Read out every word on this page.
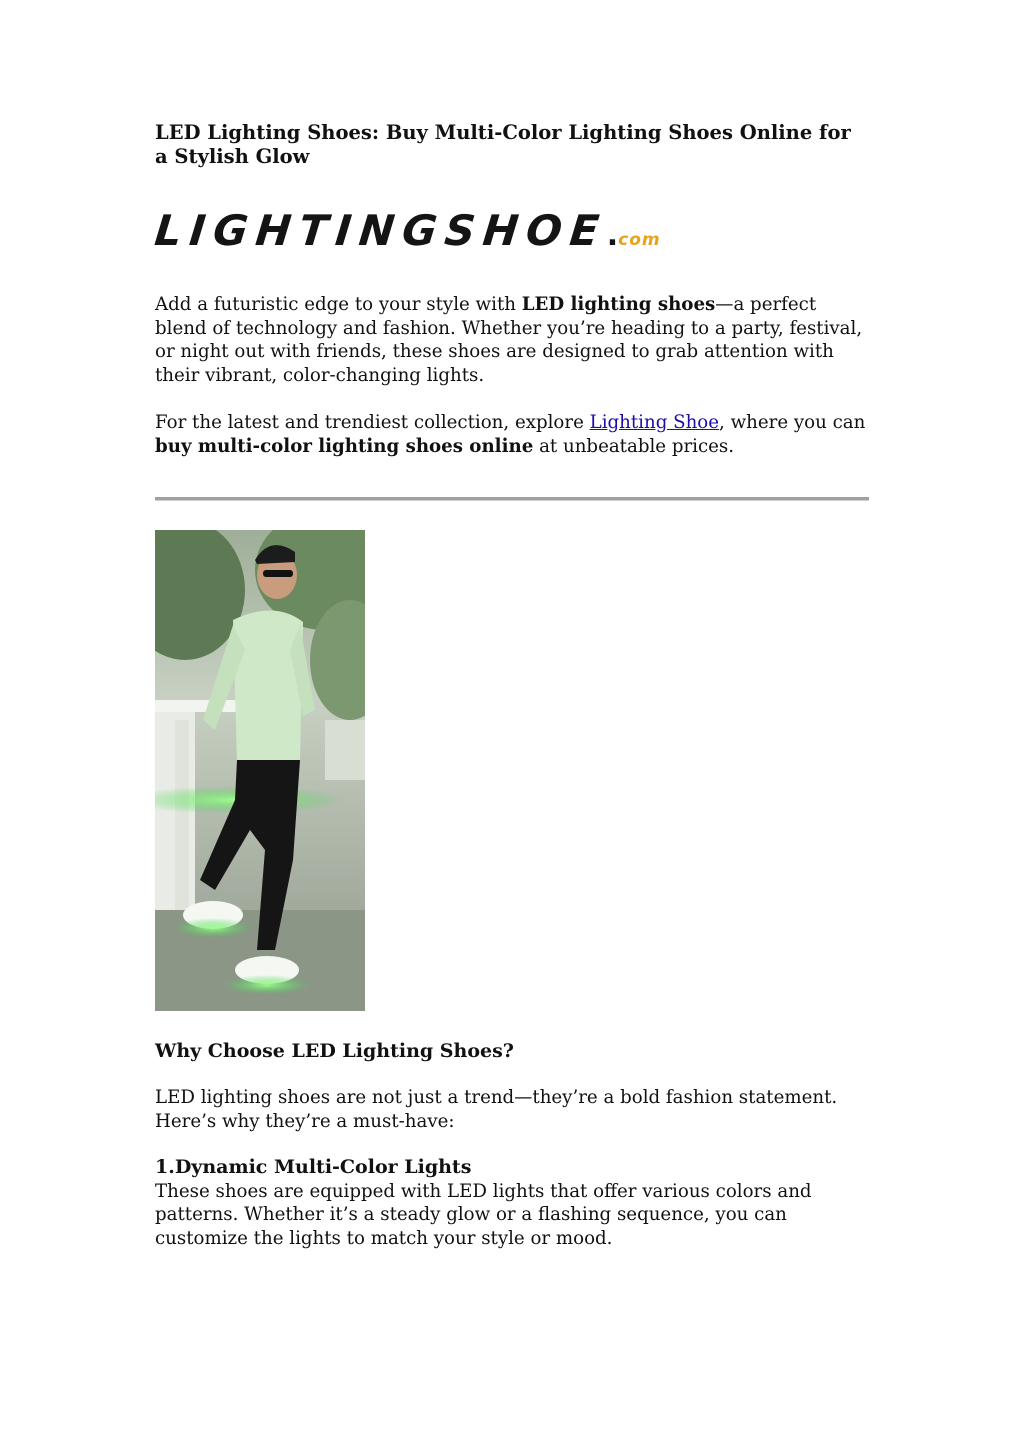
LED Lighting Shoes: Buy Multi-Color Lighting Shoes Online for a Stylish Glow
LIGHTINGSHOE
. com

Add a futuristic edge to your style with LED lighting shoes—a perfect blend of technology and fashion. Whether you’re heading to a party, festival, or night out with friends, these shoes are designed to grab attention with their vibrant, color-changing lights.

For the latest and trendiest collection, explore Lighting Shoe, where you can
buy multi-color lighting shoes online at unbeatable prices.

Why Choose LED Lighting Shoes?

LED lighting shoes are not just a trend—they’re a bold fashion statement. Here’s why they’re a must-have:

1.Dynamic Multi-Color Lights
These shoes are equipped with LED lights that offer various colors and patterns. Whether it’s a steady glow or a flashing sequence, you can customize the lights to match your style or mood.
